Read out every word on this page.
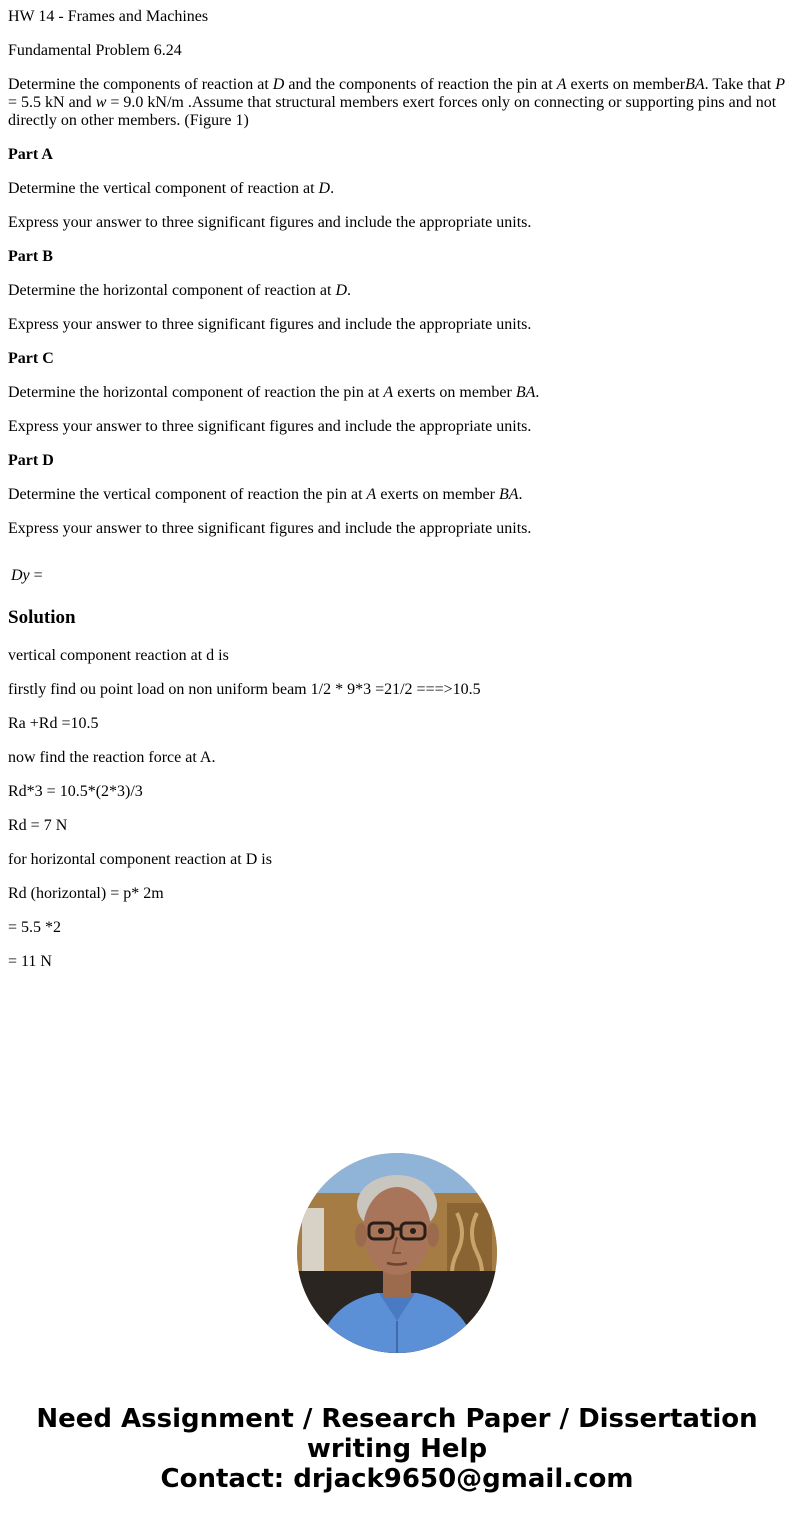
HW 14 - Frames and Machines

Fundamental Problem 6.24

Determine the components of reaction at D and the components of reaction the pin at A exerts on memberBA. Take that P = 5.5 kN and w = 9.0 kN/m .Assume that structural members exert forces only on connecting or supporting pins and not directly on other members. (Figure 1)

Part A

Determine the vertical component of reaction at D.

Express your answer to three significant figures and include the appropriate units.

Part B

Determine the horizontal component of reaction at D.

Express your answer to three significant figures and include the appropriate units.

Part C

Determine the horizontal component of reaction the pin at A exerts on member BA.

Express your answer to three significant figures and include the appropriate units.

Part D

Determine the vertical component of reaction the pin at A exerts on member BA.

Express your answer to three significant figures and include the appropriate units.

Dy =

Solution

vertical component reaction at d is

firstly find ou point load on non uniform beam 1/2 * 9*3 =21/2 ===>10.5

Ra +Rd =10.5

now find the reaction force at A.

Rd*3 = 10.5*(2*3)/3

Rd = 7 N

for horizontal component reaction at D is

Rd (horizontal) = p* 2m

= 5.5 *2

= 11 N

Need Assignment / Research Paper / Dissertation
writing Help
Contact: drjack9650@gmail.com
